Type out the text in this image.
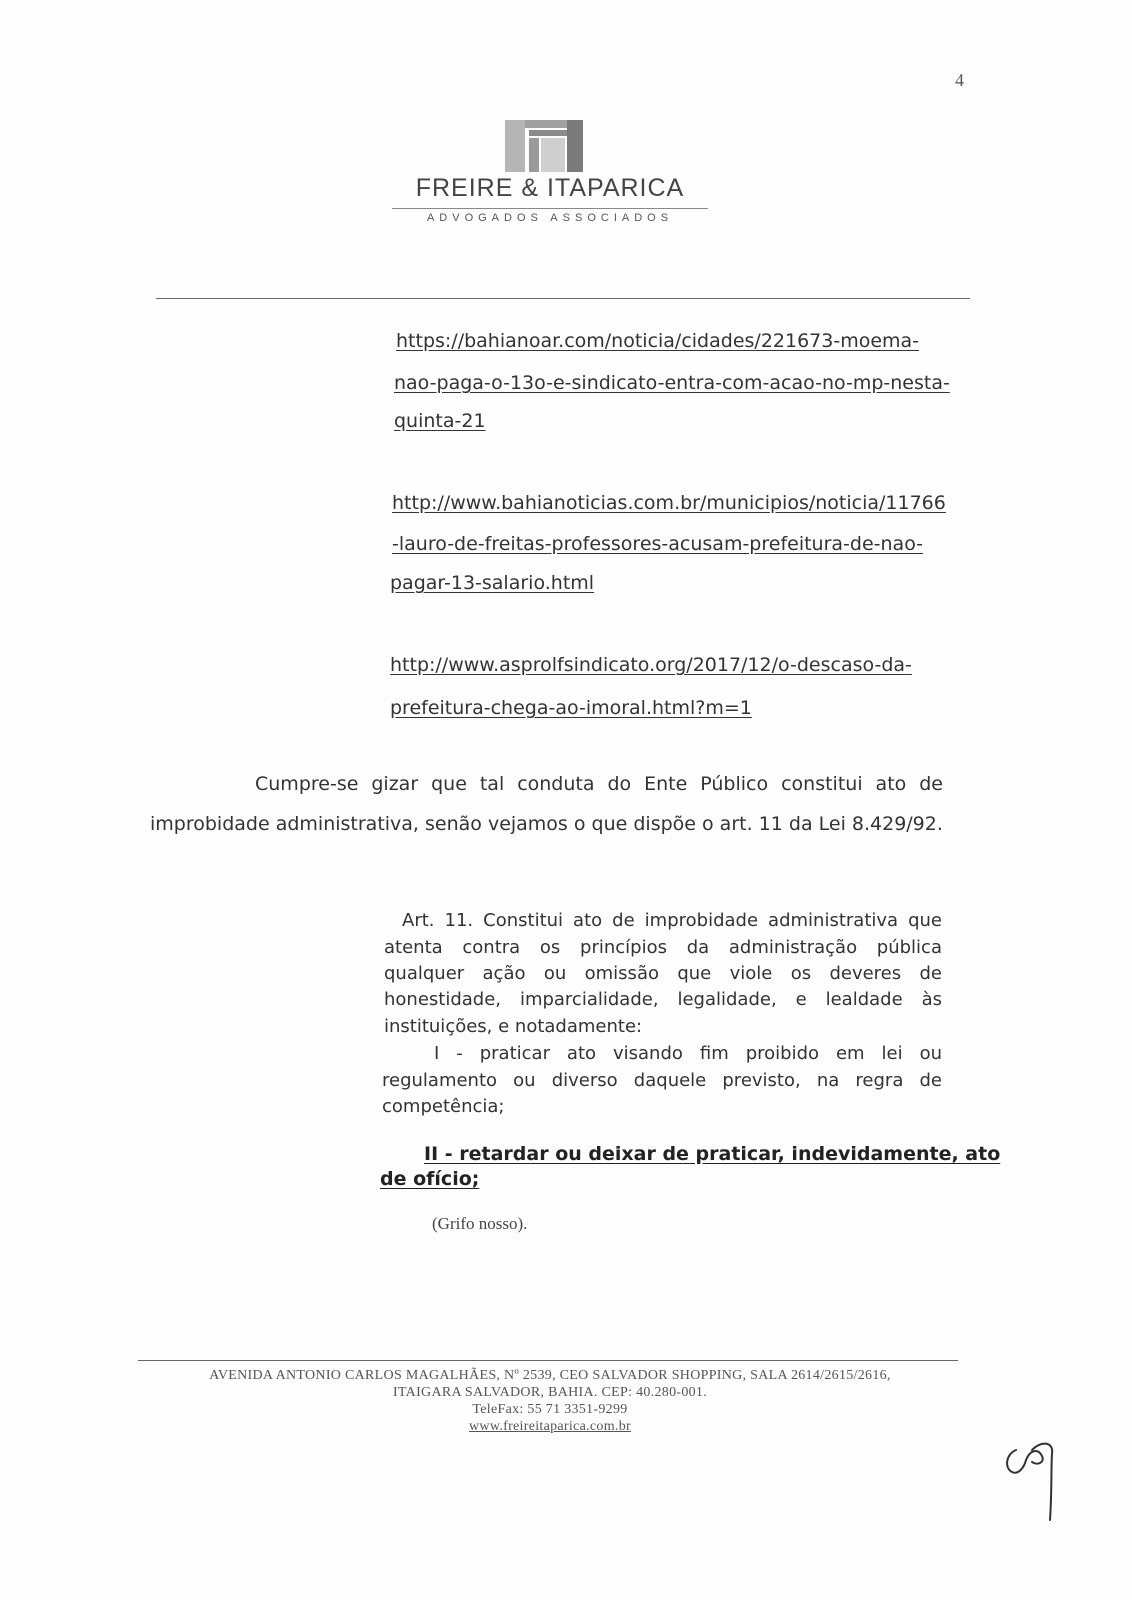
4
FREIRE & ITAPARICA
ADVOGADOS ASSOCIADOS
https://bahianoar.com/noticia/cidades/221673-moema-
nao-paga-o-13o-e-sindicato-entra-com-acao-no-mp-nesta-
quinta-21
http://www.bahianoticias.com.br/municipios/noticia/11766
-lauro-de-freitas-professores-acusam-prefeitura-de-nao-
pagar-13-salario.html
http://www.asprolfsindicato.org/2017/12/o-descaso-da-
prefeitura-chega-ao-imoral.html?m=1
Cumpre-se gizar que tal conduta do Ente Público constitui ato de
improbidade administrativa, senão vejamos o que dispõe o art. 11 da Lei 8.429/92.
Art. 11. Constitui ato de improbidade administrativa que
atenta contra os princípios da administração pública
qualquer ação ou omissão que viole os deveres de
honestidade, imparcialidade, legalidade, e lealdade às
instituições, e notadamente:
I - praticar ato visando fim proibido em lei ou
regulamento ou diverso daquele previsto, na regra de
competência;
II - retardar ou deixar de praticar, indevidamente, ato
de ofício;
(Grifo nosso).
AVENIDA ANTONIO CARLOS MAGALHÃES, Nº 2539, CEO SALVADOR SHOPPING, SALA 2614/2615/2616,
ITAIGARA SALVADOR, BAHIA. CEP: 40.280-001.
TeleFax: 55 71 3351-9299
www.freireitaparica.com.br
